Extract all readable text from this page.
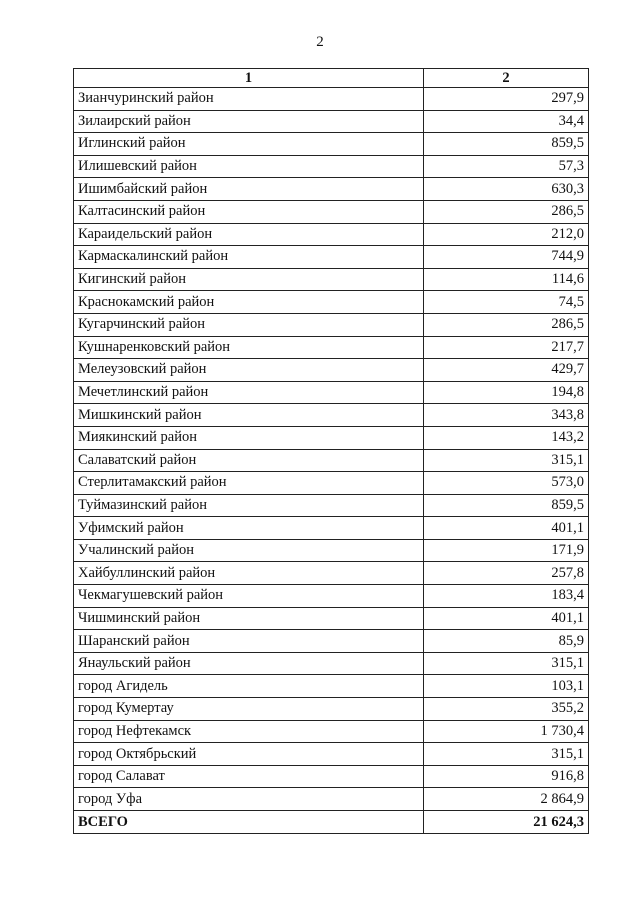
2
1	2
Зианчуринский район	297,9
Зилаирский район	34,4
Иглинский район	859,5
Илишевский район	57,3
Ишимбайский район	630,3
Калтасинский район	286,5
Караидельский район	212,0
Кармаскалинский район	744,9
Кигинский район	114,6
Краснокамский район	74,5
Кугарчинский район	286,5
Кушнаренковский район	217,7
Мелеузовский район	429,7
Мечетлинский район	194,8
Мишкинский район	343,8
Миякинский район	143,2
Салаватский район	315,1
Стерлитамакский район	573,0
Туймазинский район	859,5
Уфимский район	401,1
Учалинский район	171,9
Хайбуллинский район	257,8
Чекмагушевский район	183,4
Чишминский район	401,1
Шаранский район	85,9
Янаульский район	315,1
город Агидель	103,1
город Кумертау	355,2
город Нефтекамск	1 730,4
город Октябрьский	315,1
город Салават	916,8
город Уфа	2 864,9
ВСЕГО	21 624,3
